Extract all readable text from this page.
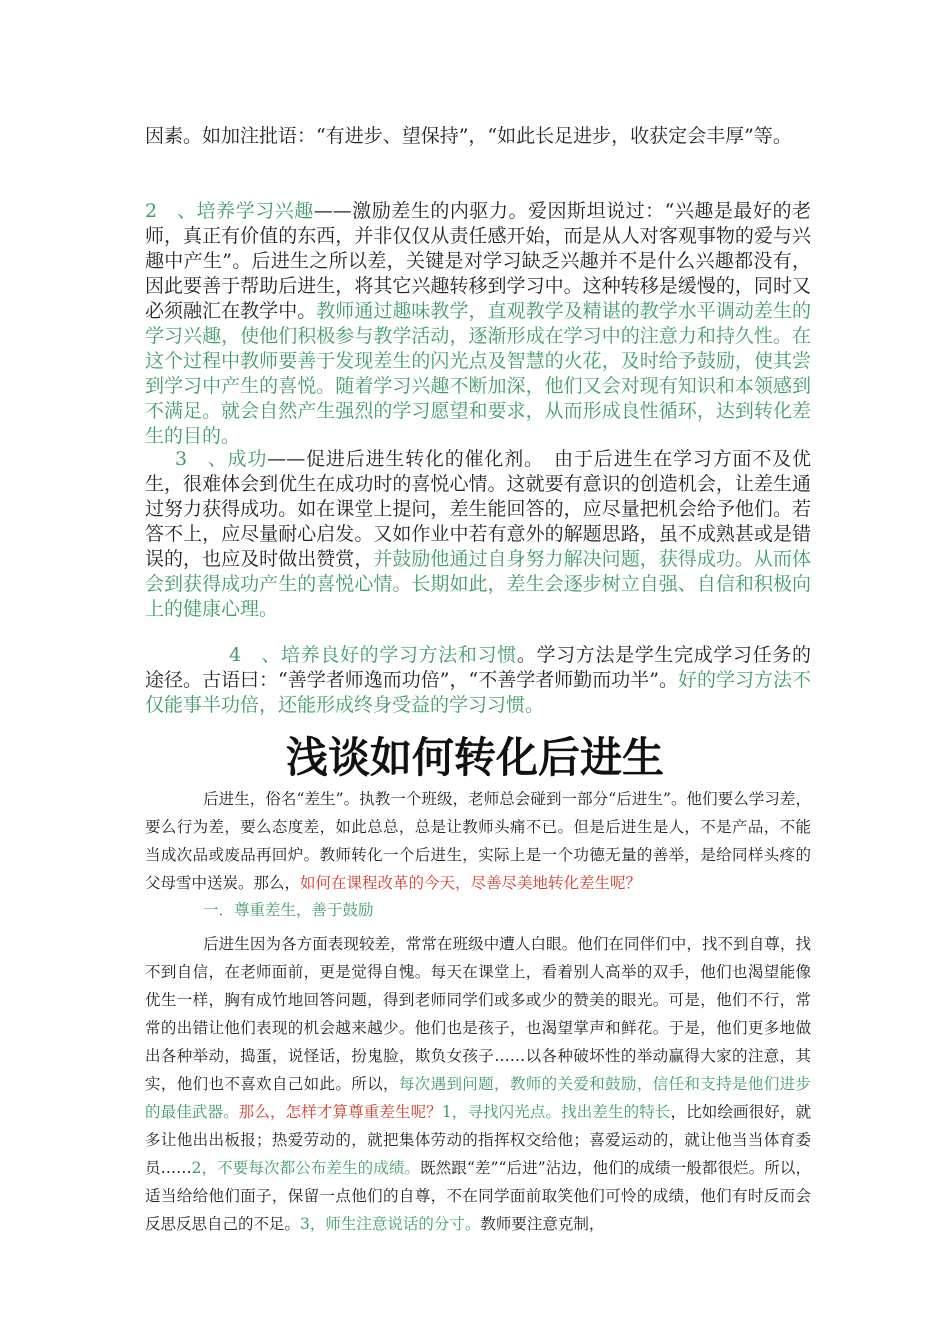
因素。如加注批语：“有进步、望保持”，“如此长足进步，收获定会丰厚”等。

2　、培养学习兴趣——激励差生的内驱力。爱因斯坦说过：“兴趣是最好的老师，真正有价值的东西，并非仅仅从责任感开始，而是从人对客观事物的爱与兴趣中产生”。后进生之所以差，关键是对学习缺乏兴趣并不是什么兴趣都没有，因此要善于帮助后进生，将其它兴趣转移到学习中。这种转移是缓慢的，同时又必须融汇在教学中。教师通过趣味教学，直观教学及精谌的教学水平调动差生的学习兴趣，使他们积极参与教学活动，逐渐形成在学习中的注意力和持久性。在这个过程中教师要善于发现差生的闪光点及智慧的火花，及时给予鼓励，使其尝到学习中产生的喜悦。随着学习兴趣不断加深，他们又会对现有知识和本领感到不满足。就会自然产生强烈的学习愿望和要求，从而形成良性循环，达到转化差生的目的。

3　、成功——促进后进生转化的催化剂。　由于后进生在学习方面不及优生，很难体会到优生在成功时的喜悦心情。这就要有意识的创造机会，让差生通过努力获得成功。如在课堂上提问，差生能回答的，应尽量把机会给予他们。若答不上，应尽量耐心启发。又如作业中若有意外的解题思路，虽不成熟甚或是错误的，也应及时做出赞赏，并鼓励他通过自身努力解决问题，获得成功。从而体会到获得成功产生的喜悦心情。长期如此，差生会逐步树立自强、自信和积极向上的健康心理。

4　、培养良好的学习方法和习惯。学习方法是学生完成学习任务的途径。古语曰：“善学者师逸而功倍”，“不善学者师勤而功半”。好的学习方法不仅能事半功倍，还能形成终身受益的学习习惯。

浅谈如何转化后进生

后进生，俗名“差生”。执教一个班级，老师总会碰到一部分“后进生”。他们要么学习差，要么行为差，要么态度差，如此总总，总是让教师头痛不已。但是后进生是人，不是产品，不能当成次品或废品再回炉。教师转化一个后进生，实际上是一个功德无量的善举，是给同样头疼的父母雪中送炭。那么，如何在课程改革的今天，尽善尽美地转化差生呢？

一．尊重差生，善于鼓励

后进生因为各方面表现较差，常常在班级中遭人白眼。他们在同伴们中，找不到自尊，找不到自信，在老师面前，更是觉得自愧。每天在课堂上，看着别人高举的双手，他们也渴望能像优生一样，胸有成竹地回答问题，得到老师同学们或多或少的赞美的眼光。可是，他们不行，常常的出错让他们表现的机会越来越少。他们也是孩子，也渴望掌声和鲜花。于是，他们更多地做出各种举动，捣蛋，说怪话，扮鬼脸，欺负女孩子……以各种破坏性的举动赢得大家的注意，其实，他们也不喜欢自己如此。所以，每次遇到问题，教师的关爱和鼓励，信任和支持是他们进步的最佳武器。那么，怎样才算尊重差生呢？1，寻找闪光点。找出差生的特长，比如绘画很好，就多让他出出板报；热爱劳动的，就把集体劳动的指挥权交给他；喜爱运动的，就让他当当体育委员……2，不要每次都公布差生的成绩。既然跟“差”“后进”沾边，他们的成绩一般都很烂。所以，适当给给他们面子，保留一点他们的自尊，不在同学面前取笑他们可怜的成绩，他们有时反而会反思反思自己的不足。3，师生注意说话的分寸。教师要注意克制，
